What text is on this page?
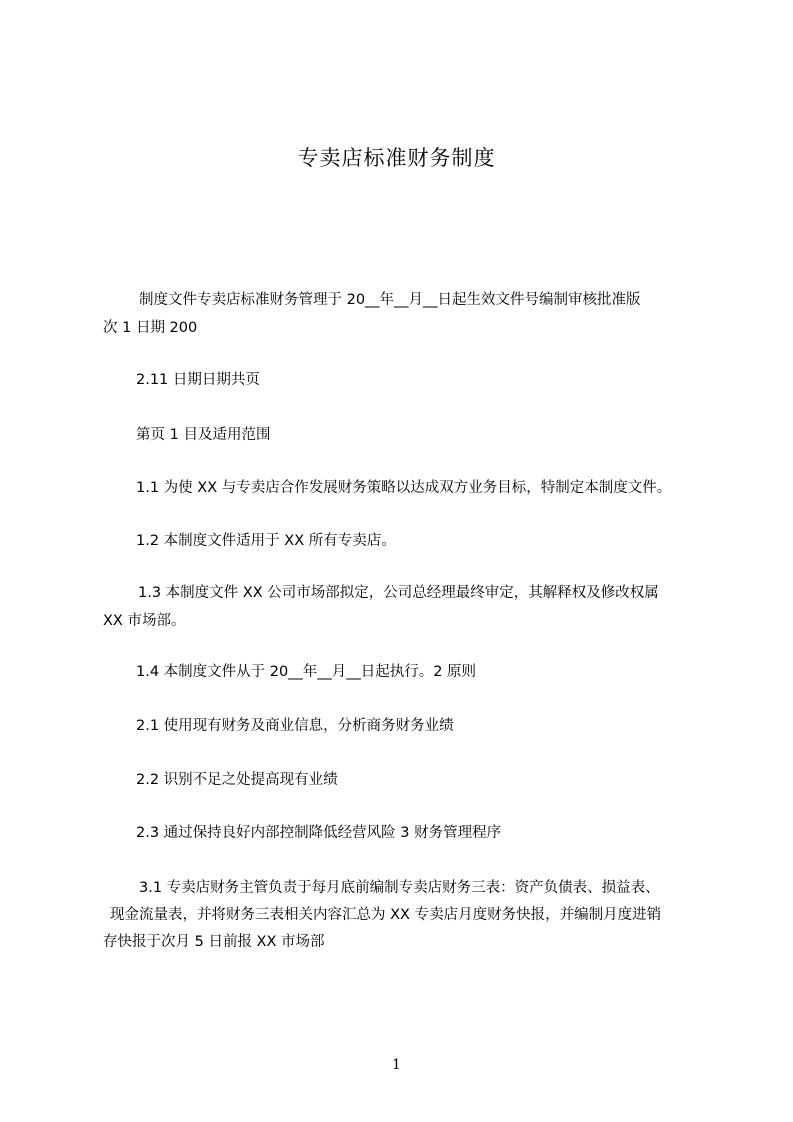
专卖店标准财务制度
制度文件专卖店标准财务管理于 20__年__月__日起生效文件号编制审核批准版
次 1 日期 200
2.11 日期日期共页
第页 1 目及适用范围
1.1 为使 XX 与专卖店合作发展财务策略以达成双方业务目标，特制定本制度文件。
1.2 本制度文件适用于 XX 所有专卖店。
1.3 本制度文件 XX 公司市场部拟定，公司总经理最终审定，其解释权及修改权属
XX 市场部。
1.4 本制度文件从于 20__年__月__日起执行。2 原则
2.1 使用现有财务及商业信息，分析商务财务业绩
2.2 识别不足之处提高现有业绩
2.3 通过保持良好内部控制降低经营风险 3 财务管理程序
3.1 专卖店财务主管负责于每月底前编制专卖店财务三表：资产负债表、损益表、
现金流量表，并将财务三表相关内容汇总为 XX 专卖店月度财务快报，并编制月度进销
存快报于次月 5 日前报 XX 市场部
1
